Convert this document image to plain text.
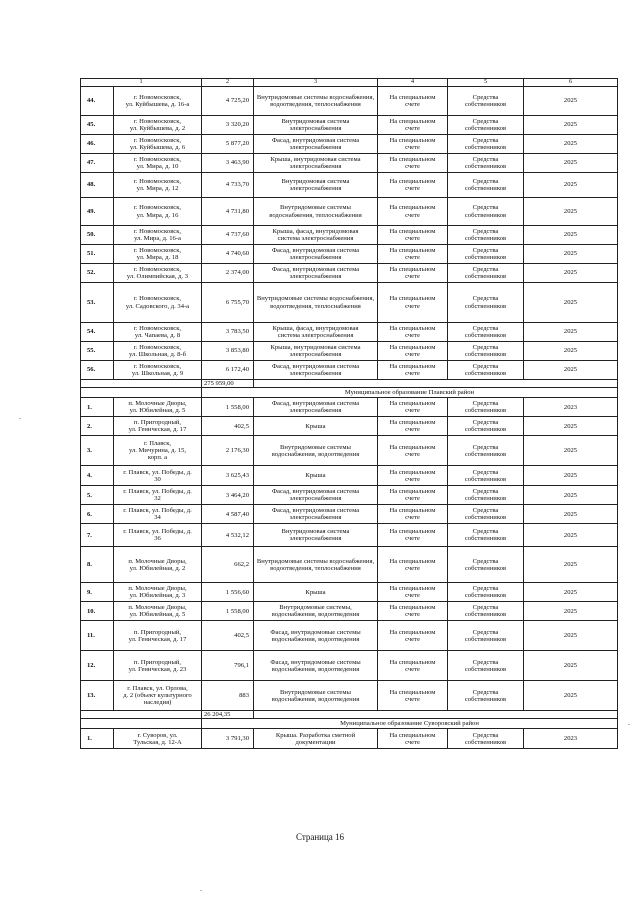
1		2	3	4	5	6
44.	г. Новомосковск,
ул. Куйбышева, д. 16-а	4 725,20	Внутридомовые системы водоснабжения, водоотведения, теплоснабжения	На специальном
счете	Средства
собственников	2025
45.	г. Новомосковск,
ул. Куйбышева, д. 2	3 320,20	Внутридомовая система
электроснабжения	На специальном
счете	Средства
собственников	2025
46.	г. Новомосковск,
ул. Куйбышева, д. 6	5 877,20	Фасад, внутридомовая система
электроснабжения	На специальном
счете	Средства
собственников	2025
47.	г. Новомосковск,
ул. Мира, д. 10	3 463,90	Крыша, внутридомовая система
электроснабжения	На специальном
счете	Средства
собственников	2025
48.	г. Новомосковск,
ул. Мира, д. 12	4 733,70	Внутридомовая система
электроснабжения	На специальном
счете	Средства
собственников	2025
49.	г. Новомосковск,
ул. Мира, д. 16	4 731,80	Внутридомовые системы
водоснабжения, теплоснабжения	На специальном
счете	Средства
собственников	2025
50.	г. Новомосковск,
ул. Мира, д. 16-а	4 737,60	Крыша, фасад, внутридомовая
система электроснабжения	На специальном
счете	Средства
собственников	2025
51.	г. Новомосковск,
ул. Мира, д. 18	4 740,60	Фасад, внутридомовая система
электроснабжения	На специальном
счете	Средства
собственников	2025
52.	г. Новомосковск,
ул. Олимпийская, д. 3	2 374,00	Фасад, внутридомовая система
электроснабжения	На специальном
счете	Средства
собственников	2025
53.	г. Новомосковск,
ул. Садовского, д. 34-а	6 755,70	Внутридомовые системы водоснабжения, водоотведения, теплоснабжения	На специальном
счете	Средства
собственников	2025
54.	г. Новомосковск,
ул. Чапаева, д. 8	3 783,50	Крыша, фасад, внутридомовая
система электроснабжения	На специальном
счете	Средства
собственников	2025
55.	г. Новомосковск,
ул. Школьная, д. 8-б	3 853,80	Крыша, внутридомовая система
электроснабжения	На специальном
счете	Средства
собственников	2025
56.	г. Новомосковск,
ул. Школьная, д. 9	6 172,40	Фасад, внутридомовая система
электроснабжения	На специальном
счете	Средства
собственников	2025
		275 959,00				
		Муниципальное образование Плавский район				
1.	п. Молочные Дворы,
ул. Юбилейная, д. 5	1 558,00	Фасад, внутридомовая система
электроснабжения	На специальном
счете	Средства
собственников	2023
2.	п. Пригородный,
ул. Геническая, д. 17	402,5	Крыша	На специальном
счете	Средства
собственников	2025
3.	г. Плавск,
ул. Мичурина, д. 15,
корп. а	2 176,30	Внутридомовые системы
водоснабжения, водоотведения	На специальном
счете	Средства
собственников	2025
4.	г. Плавск, ул. Победы, д.
30	3 625,43	Крыша	На специальном
счете	Средства
собственников	2025
5.	г. Плавск, ул. Победы, д.
32	3 464,20	Фасад, внутридомовая система
электроснабжения	На специальном
счете	Средства
собственников	2025
6.	г. Плавск, ул. Победы, д.
34	4 587,40	Фасад, внутридомовая система
электроснабжения	На специальном
счете	Средства
собственников	2025
7.	г. Плавск, ул. Победы, д.
36	4 532,12	Внутридомовая система
электроснабжения	На специальном
счете	Средства
собственников	2025
8.	п. Молочные Дворы,
ул. Юбилейная, д. 2	662,2	Внутридомовые системы водоснабжения, водоотведения, теплоснабжения	На специальном
счете	Средства
собственников	2025
9.	п. Молочные Дворы,
ул. Юбилейная, д. 3	1 556,60	Крыша	На специальном
счете	Средства
собственников	2025
10.	п. Молочные Дворы,
ул. Юбилейная, д. 5	1 558,00	Внутридомовые системы,
водоснабжения, водоотведения	На специальном
счете	Средства
собственников	2025
11.	п. Пригородный,
ул. Геническая, д. 17	402,5	Фасад, внутридомовые системы
водоснабжения, водоотведения	На специальном
счете	Средства
собственников	2025
12.	п. Пригородный,
ул. Геническая, д. 23	796,1	Фасад, внутридомовые системы
водоснабжения, водоотведения	На специальном
счете	Средства
собственников	2025
13.	г. Плавск, ул. Орлова,
д. 2 (объект культурного
наследия)	883	Внутридомовые системы
водоснабжения, водоотведения	На специальном
счете	Средства
собственников	2025
		26 204,35				
		Муниципальное образование Суворовский район				
1.	г. Суворов, ул.
Тульская, д. 12-А	3 791,30	Крыша. Разработка сметной
документации	На специальном
счете	Средства
собственников	2023
Страница 16
.
.
.
